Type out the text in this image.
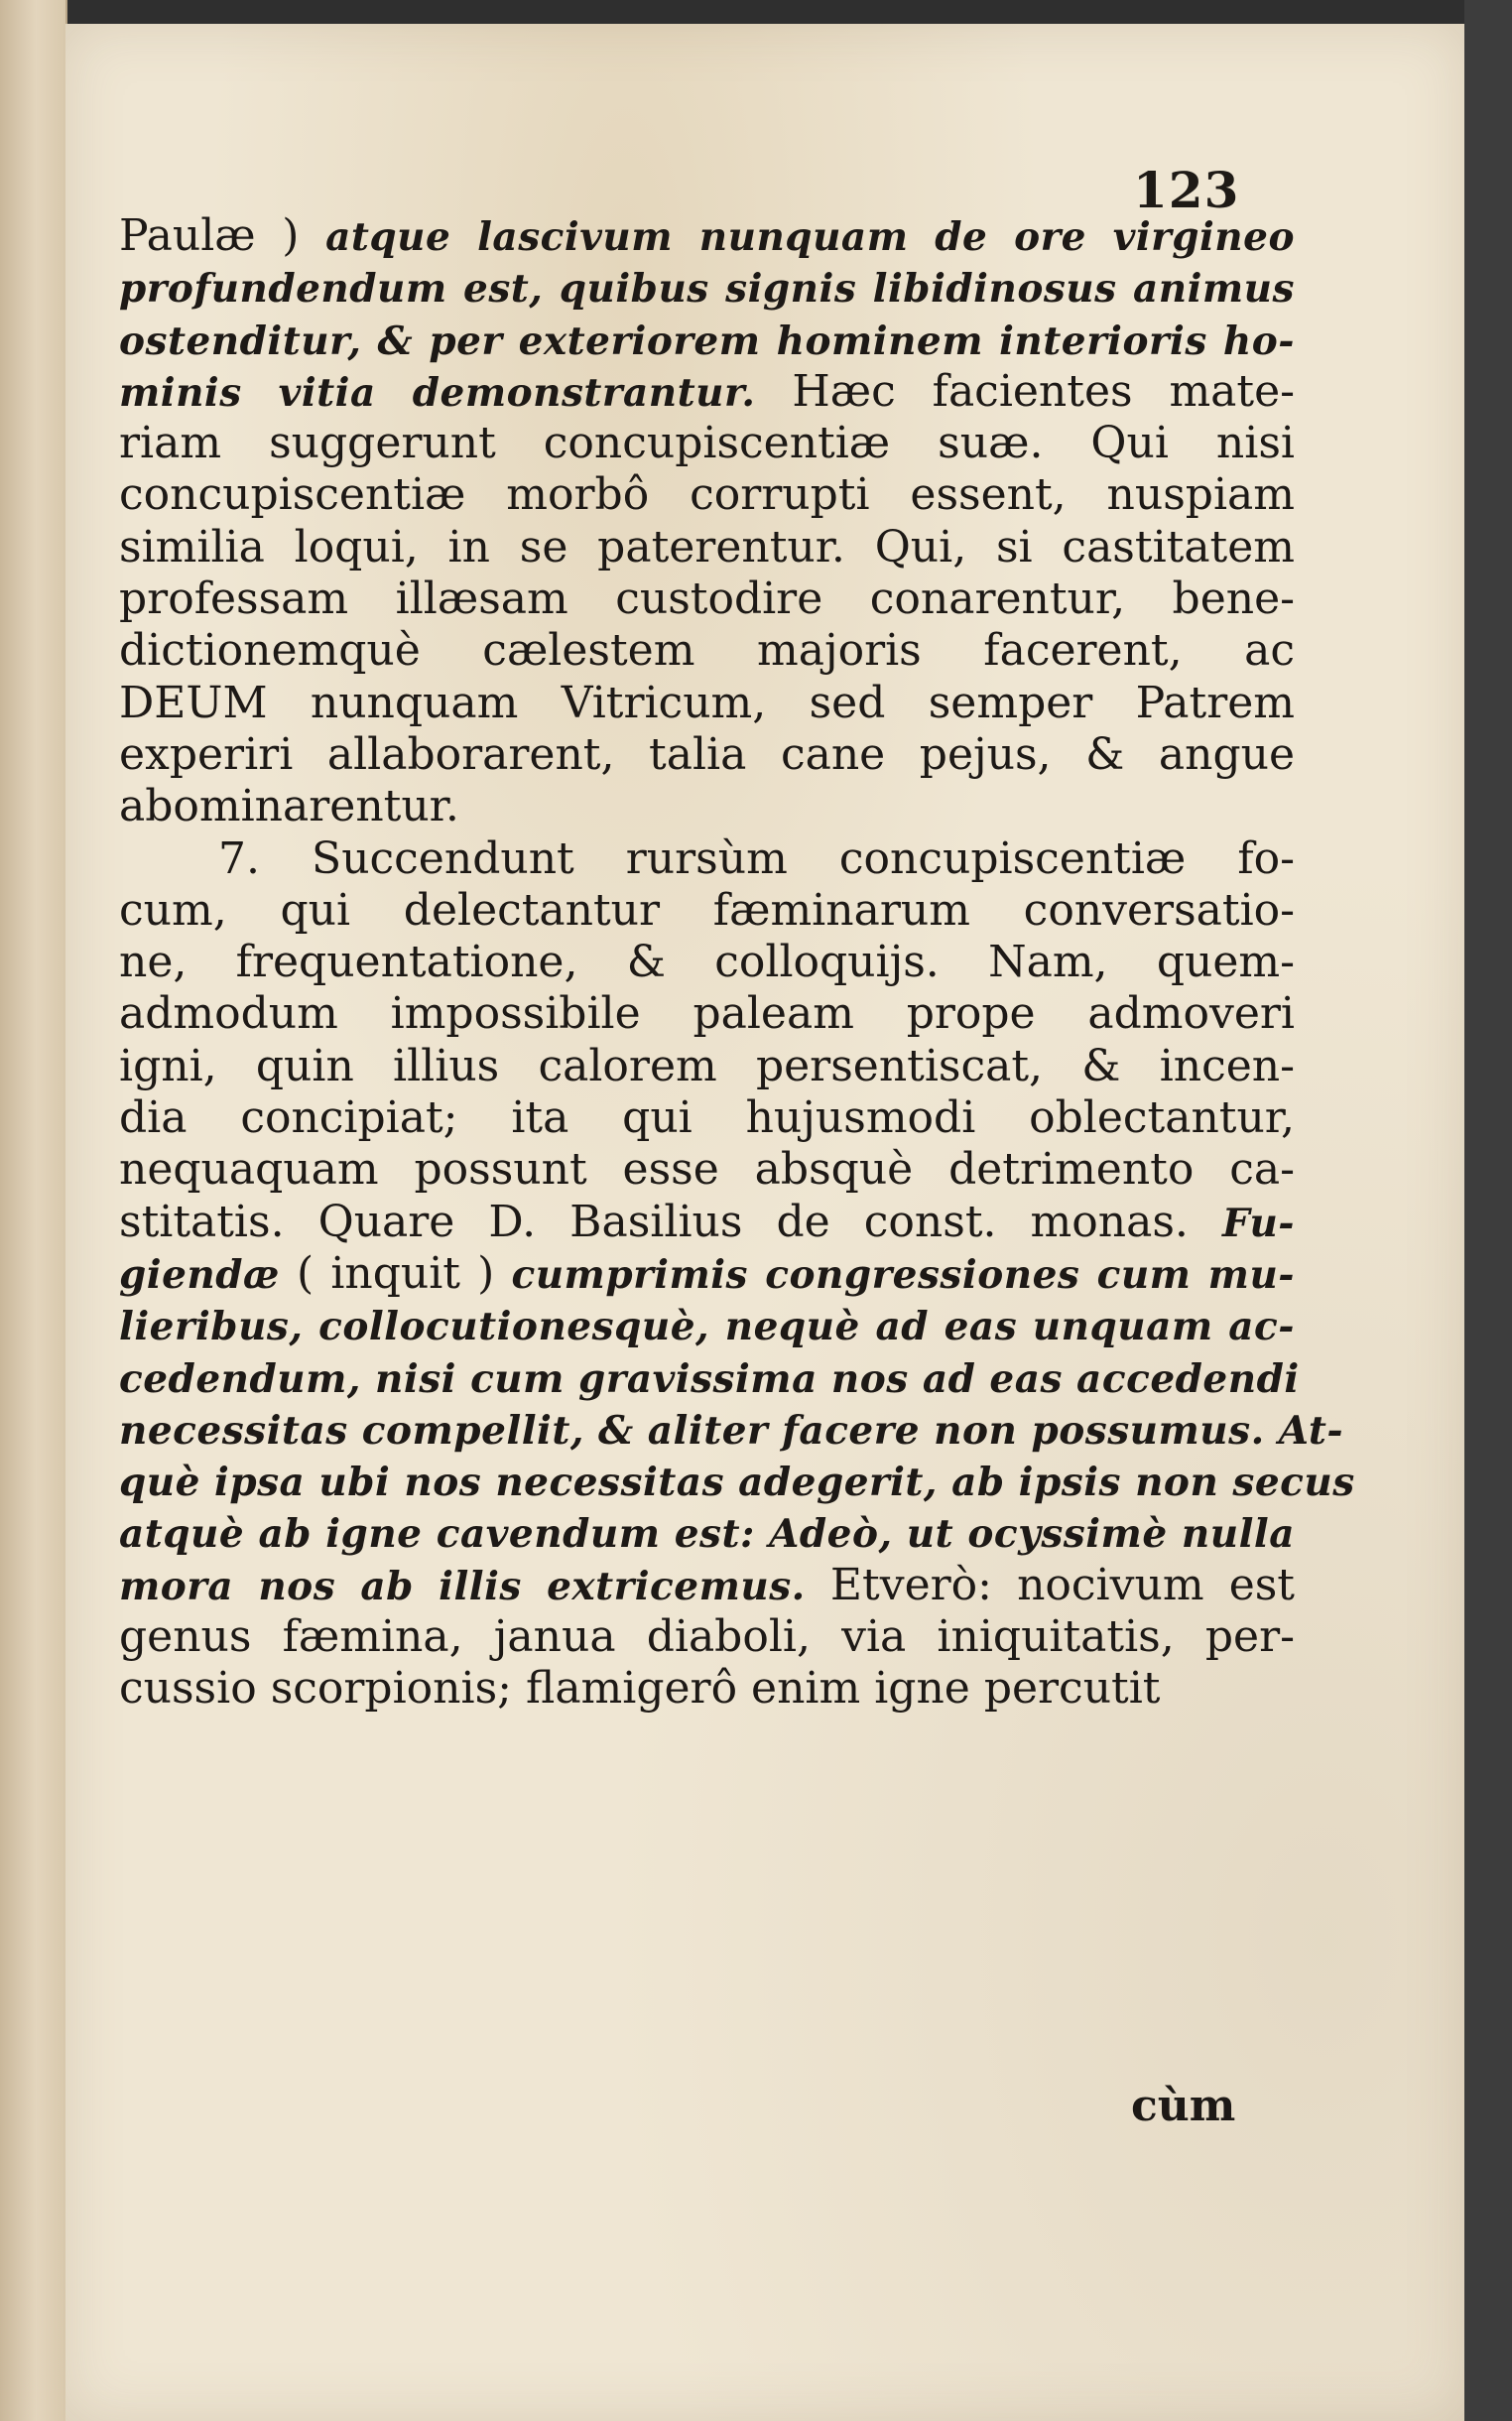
123
Paulæ ) atque lascivum nunquam de ore virgineo
profundendum est, quibus signis libidinosus animus
ostenditur, & per exteriorem hominem interioris ho-
minis vitia demonstrantur. Hæc facientes mate-
riam suggerunt concupiscentiæ suæ. Qui nisi
concupiscentiæ morbô corrupti essent, nuspiam
similia loqui, in se paterentur. Qui, si castitatem
professam illæsam custodire conarentur, bene-
dictionemquè cælestem majoris facerent, ac
DEUM nunquam Vitricum, sed semper Patrem
experiri allaborarent, talia cane pejus, & angue
abominarentur.
7. Succendunt rursùm concupiscentiæ fo-
cum, qui delectantur fæminarum conversatio-
ne, frequentatione, & colloquijs. Nam, quem-
admodum impossibile paleam prope admoveri
igni, quin illius calorem persentiscat, & incen-
dia concipiat; ita qui hujusmodi oblectantur,
nequaquam possunt esse absquè detrimento ca-
stitatis. Quare D. Basilius de const. monas. Fu-
giendæ ( inquit ) cumprimis congressiones cum mu-
lieribus, collocutionesquè, nequè ad eas unquam ac-
cedendum, nisi cum gravissima nos ad eas accedendi
necessitas compellit, & aliter facere non possumus. At-
què ipsa ubi nos necessitas adegerit, ab ipsis non secus
atquè ab igne cavendum est: Adeò, ut ocyssimè nulla
mora nos ab illis extricemus. Etverò: nocivum est
genus fæmina, janua diaboli, via iniquitatis, per-
cussio scorpionis; flamigerô enim igne percutit
cùm
